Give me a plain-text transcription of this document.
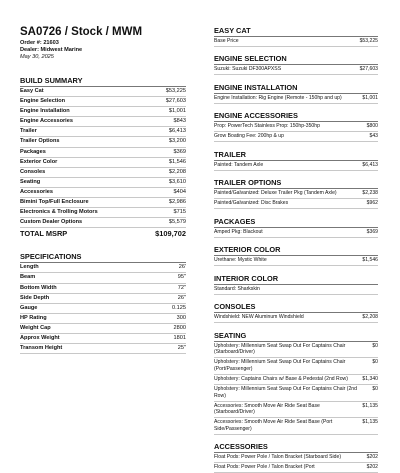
SA0726 / Stock / MWM
Order #: 21603
Dealer: Midwest Marine
May 30, 2025
BUILD SUMMARY
Easy Cat	$53,225
Engine Selection	$27,603
Engine Installation	$1,001
Engine Accessories	$843
Trailer	$6,413
Trailer Options	$3,200
Packages	$369
Exterior Color	$1,546
Consoles	$2,208
Seating	$3,610
Accessories	$404
Bimini Top/Full Enclosure	$2,986
Electronics & Trolling Motors	$715
Custom Dealer Options	$5,579
TOTAL MSRP	$109,702
SPECIFICATIONS
Length	26'
Beam	95"
Bottom Width	72"
Side Depth	26"
Gauge	0.125
HP Rating	300
Weight Cap	2800
Approx Weight	1801
Transom Height	25"
EASY CAT
Base Price	$53,225
ENGINE SELECTION
Suzuki: Suzuki DF300APXSS	$27,603
ENGINE INSTALLATION
Engine Installation: Rig Engine (Remote - 150hp and up)	$1,001
ENGINE ACCESSORIES
Prop: PowerTech Stainless Prop: 150hp-350hp	$800
Grow Boating Fee: 200hp & up	$43
TRAILER
Painted: Tandem Axle	$6,413
TRAILER OPTIONS
Painted/Galvanized: Deluxe Trailer Pkg (Tandem Axle)	$2,238
Painted/Galvanized: Disc Brakes	$962
PACKAGES
Amped Pkg: Blackout	$369
EXTERIOR COLOR
Urethane: Mystic White	$1,546
INTERIOR COLOR
Standard: Sharkskin
CONSOLES
Windshield: NEW Aluminum Windshield	$2,208
SEATING
Upholstery: Millennium Seat Swap Out For Captains Chair (Starboard/Driver)
$0
Upholstery: Millennium Seat Swap Out For Captains Chair (Port/Passenger)
$0
Upholstery: Captains Chairs w/ Base & Pedestal (2nd Row)	$1,340
Upholstery: Millennium Seat Swap Out For Captains Chair (2nd Row)
$0
Accessories: Smooth Move Air Ride Seat Base (Starboard/Driver)
$1,135
Accessories: Smooth Move Air Ride Seat Base (Port Side/Passenger)
$1,135
ACCESSORIES
Float Pods: Power Pole / Talon Bracket (Starboard Side)	$202
Float Pods: Power Pole / Talon Bracket (Port	$202
